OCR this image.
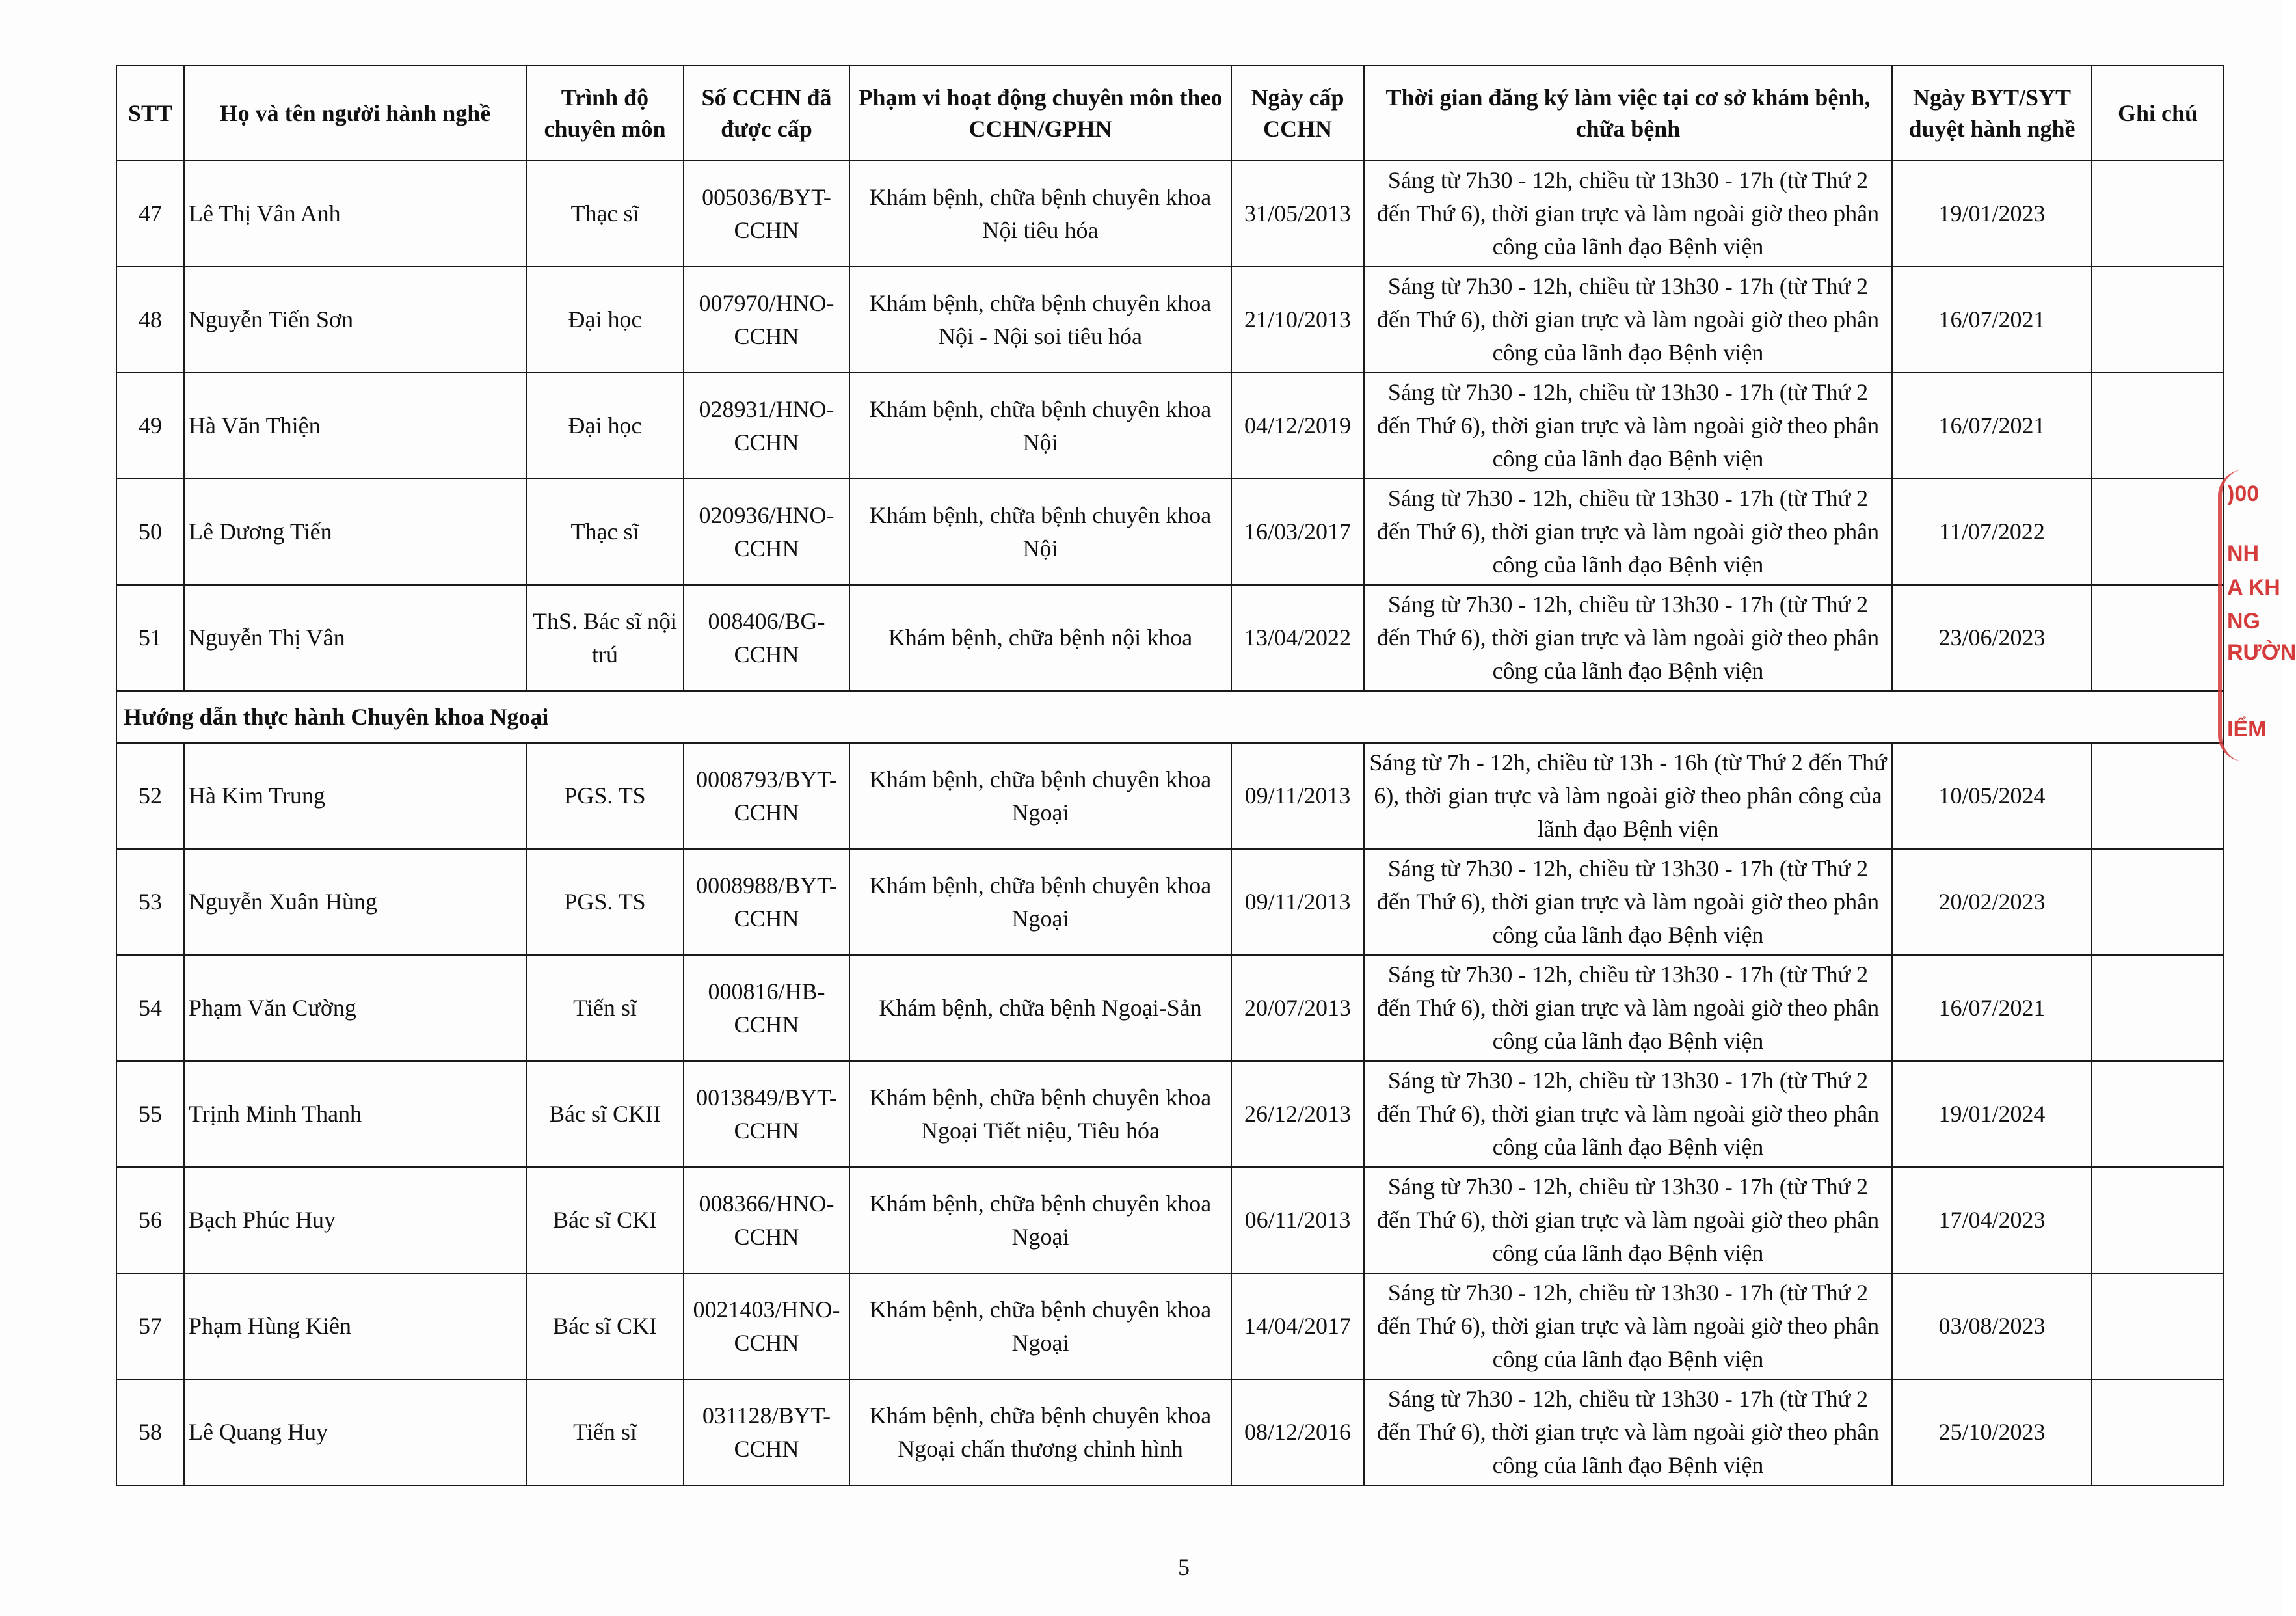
STT	Họ và tên người hành nghề	Trình độ chuyên môn	Số CCHN đã được cấp	Phạm vi hoạt động chuyên môn theo CCHN/GPHN	Ngày cấp CCHN	Thời gian đăng ký làm việc tại cơ sở khám bệnh, chữa bệnh	Ngày BYT/SYT duyệt hành nghề	Ghi chú
47	Lê Thị Vân Anh	Thạc sĩ	005036/BYT-CCHN	Khám bệnh, chữa bệnh chuyên khoa Nội tiêu hóa	31/05/2013	Sáng từ 7h30 - 12h, chiều từ 13h30 - 17h (từ Thứ 2 đến Thứ 6), thời gian trực và làm ngoài giờ theo phân công của lãnh đạo Bệnh viện	19/01/2023	
48	Nguyễn Tiến Sơn	Đại học	007970/HNO-CCHN	Khám bệnh, chữa bệnh chuyên khoa Nội - Nội soi tiêu hóa	21/10/2013	Sáng từ 7h30 - 12h, chiều từ 13h30 - 17h (từ Thứ 2 đến Thứ 6), thời gian trực và làm ngoài giờ theo phân công của lãnh đạo Bệnh viện	16/07/2021	
49	Hà Văn Thiện	Đại học	028931/HNO-CCHN	Khám bệnh, chữa bệnh chuyên khoa Nội	04/12/2019	Sáng từ 7h30 - 12h, chiều từ 13h30 - 17h (từ Thứ 2 đến Thứ 6), thời gian trực và làm ngoài giờ theo phân công của lãnh đạo Bệnh viện	16/07/2021	
50	Lê Dương Tiến	Thạc sĩ	020936/HNO-CCHN	Khám bệnh, chữa bệnh chuyên khoa Nội	16/03/2017	Sáng từ 7h30 - 12h, chiều từ 13h30 - 17h (từ Thứ 2 đến Thứ 6), thời gian trực và làm ngoài giờ theo phân công của lãnh đạo Bệnh viện	11/07/2022	
51	Nguyễn Thị Vân	ThS. Bác sĩ nội trú	008406/BG-CCHN	Khám bệnh, chữa bệnh nội khoa	13/04/2022	Sáng từ 7h30 - 12h, chiều từ 13h30 - 17h (từ Thứ 2 đến Thứ 6), thời gian trực và làm ngoài giờ theo phân công của lãnh đạo Bệnh viện	23/06/2023	
Hướng dẫn thực hành Chuyên khoa Ngoại								
52	Hà Kim Trung	PGS. TS	0008793/BYT-CCHN	Khám bệnh, chữa bệnh chuyên khoa Ngoại	09/11/2013	Sáng từ 7h - 12h, chiều từ 13h - 16h (từ Thứ 2 đến Thứ 6), thời gian trực và làm ngoài giờ theo phân công của lãnh đạo Bệnh viện	10/05/2024	
53	Nguyễn Xuân Hùng	PGS. TS	0008988/BYT-CCHN	Khám bệnh, chữa bệnh chuyên khoa Ngoại	09/11/2013	Sáng từ 7h30 - 12h, chiều từ 13h30 - 17h (từ Thứ 2 đến Thứ 6), thời gian trực và làm ngoài giờ theo phân công của lãnh đạo Bệnh viện	20/02/2023	
54	Phạm Văn Cường	Tiến sĩ	000816/HB-CCHN	Khám bệnh, chữa bệnh Ngoại-Sản	20/07/2013	Sáng từ 7h30 - 12h, chiều từ 13h30 - 17h (từ Thứ 2 đến Thứ 6), thời gian trực và làm ngoài giờ theo phân công của lãnh đạo Bệnh viện	16/07/2021	
55	Trịnh Minh Thanh	Bác sĩ CKII	0013849/BYT-CCHN	Khám bệnh, chữa bệnh chuyên khoa Ngoại Tiết niệu, Tiêu hóa	26/12/2013	Sáng từ 7h30 - 12h, chiều từ 13h30 - 17h (từ Thứ 2 đến Thứ 6), thời gian trực và làm ngoài giờ theo phân công của lãnh đạo Bệnh viện	19/01/2024	
56	Bạch Phúc Huy	Bác sĩ CKI	008366/HNO-CCHN	Khám bệnh, chữa bệnh chuyên khoa Ngoại	06/11/2013	Sáng từ 7h30 - 12h, chiều từ 13h30 - 17h (từ Thứ 2 đến Thứ 6), thời gian trực và làm ngoài giờ theo phân công của lãnh đạo Bệnh viện	17/04/2023	
57	Phạm Hùng Kiên	Bác sĩ CKI	0021403/HNO-CCHN	Khám bệnh, chữa bệnh chuyên khoa Ngoại	14/04/2017	Sáng từ 7h30 - 12h, chiều từ 13h30 - 17h (từ Thứ 2 đến Thứ 6), thời gian trực và làm ngoài giờ theo phân công của lãnh đạo Bệnh viện	03/08/2023	
58	Lê Quang Huy	Tiến sĩ	031128/BYT-CCHN	Khám bệnh, chữa bệnh chuyên khoa Ngoại chấn thương chỉnh hình	08/12/2016	Sáng từ 7h30 - 12h, chiều từ 13h30 - 17h (từ Thứ 2 đến Thứ 6), thời gian trực và làm ngoài giờ theo phân công của lãnh đạo Bệnh viện	25/10/2023	
5
)00
NH
A KH
NG
RƯỜN
IỂM
